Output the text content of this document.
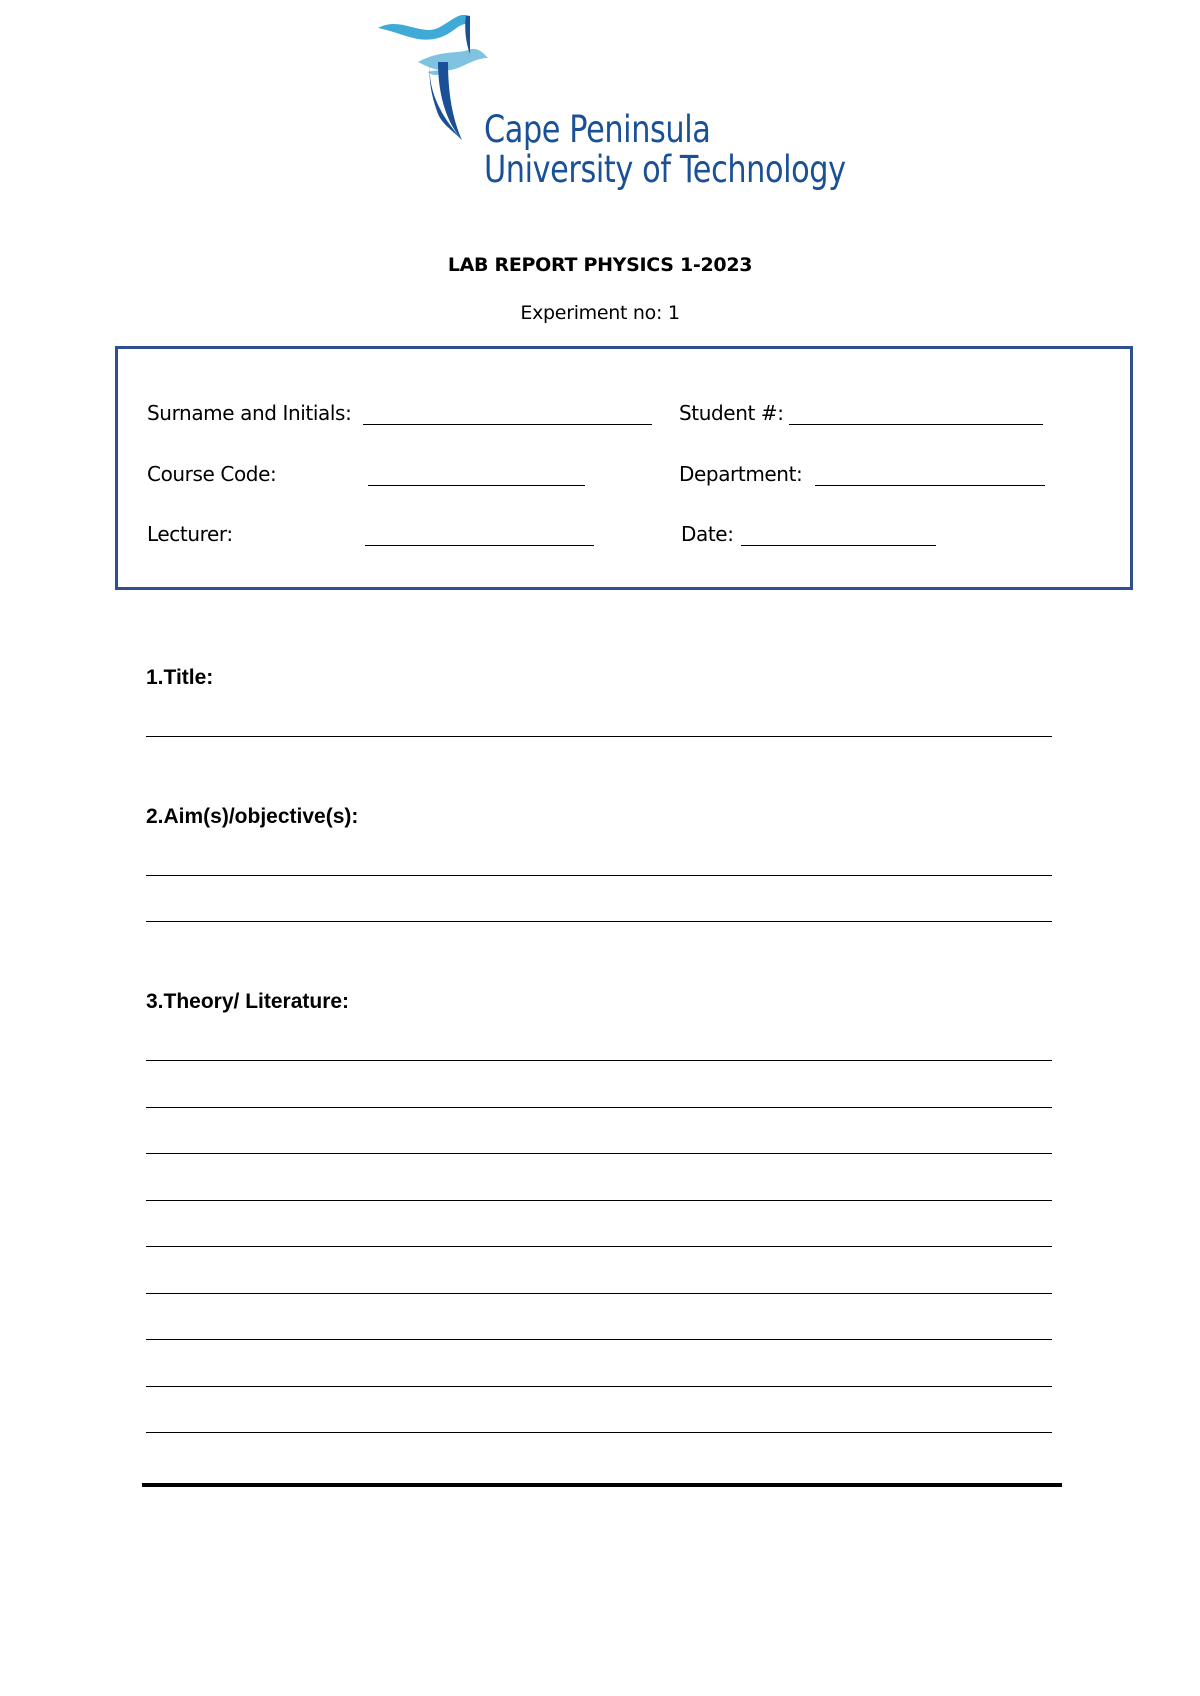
Cape Peninsula
University of Technology
LAB REPORT PHYSICS 1-2023
Experiment no: 1
Surname and Initials:	Student #:
Course Code:	Department:
Lecturer:	Date:
1.Title:
2.Aim(s)/objective(s):
3.Theory/ Literature:
